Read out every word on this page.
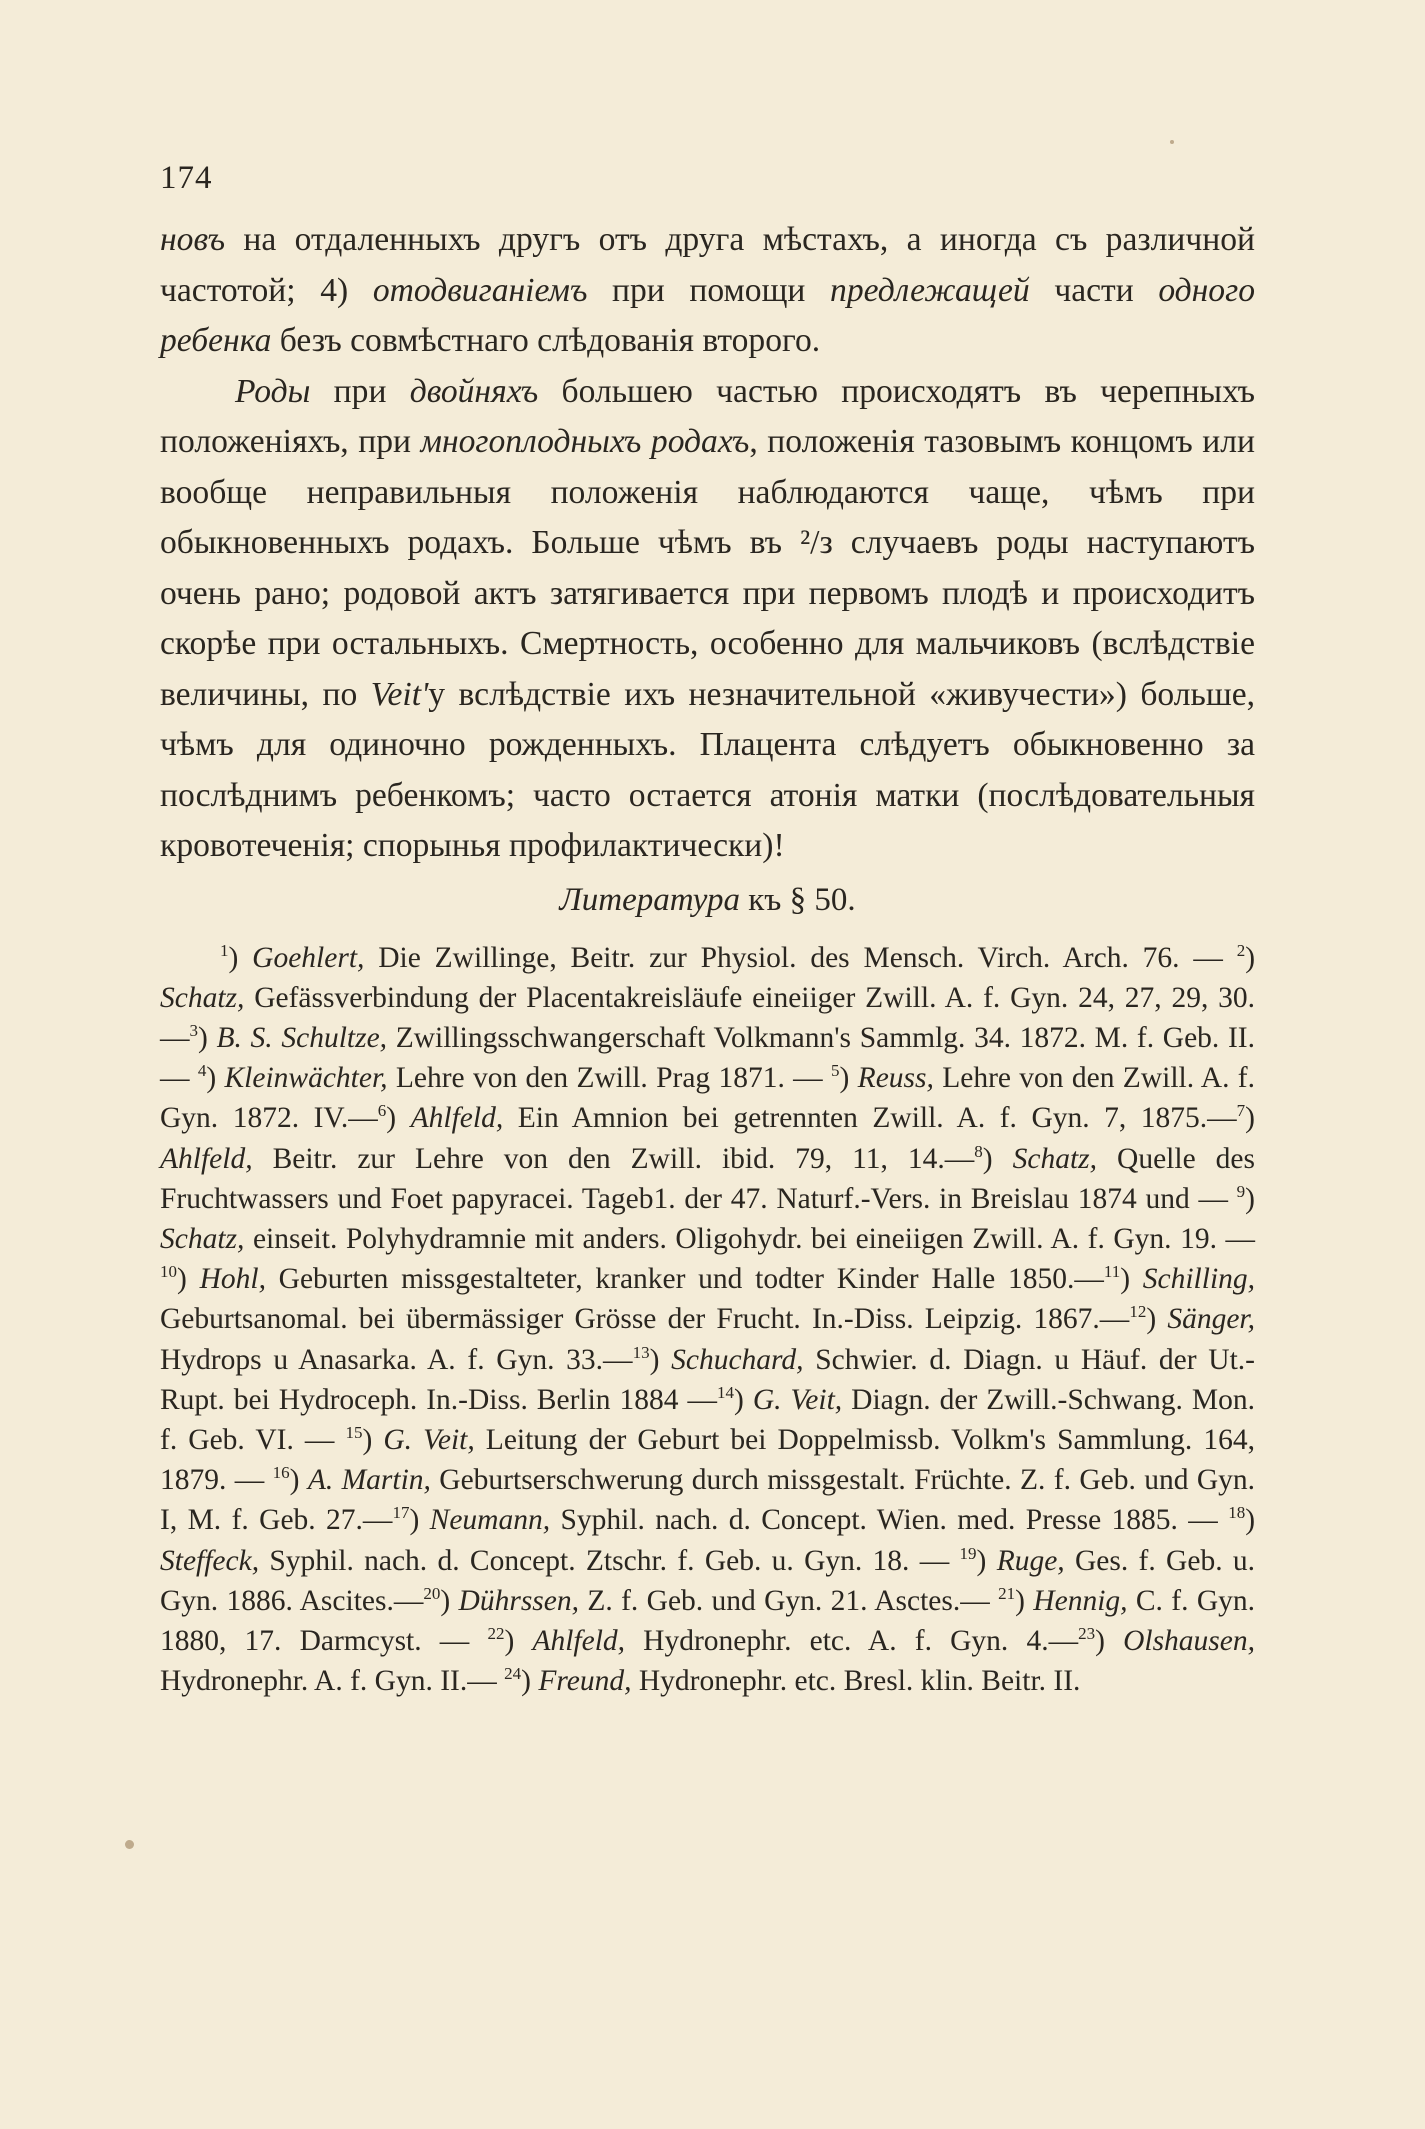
174

новъ на отдаленныхъ другъ отъ друга мѣстахъ, а иногда съ различной частотой; 4) отодвиганіемъ при помощи предлежащей части одного ребенка безъ совмѣстнаго слѣдованія второго.

Роды при двойняхъ большею частью происходятъ въ черепныхъ положеніяхъ, при многоплодныхъ родахъ, положенія тазовымъ концомъ или вообще неправильныя положенія наблюдаются чаще, чѣмъ при обыкновенныхъ родахъ. Больше чѣмъ въ ²/з случаевъ роды наступаютъ очень рано; родовой актъ затягивается при первомъ плодѣ и происходитъ скорѣе при остальныхъ. Смертность, особенно для мальчиковъ (вслѣдствіе величины, по Veit'у вслѣдствіе ихъ незначительной «живучести») больше, чѣмъ для одиночно рожденныхъ. Плацента слѣдуетъ обыкновенно за послѣднимъ ребенкомъ; часто остается атонія матки (послѣдовательныя кровотеченія; спорынья профилактически)!

Литература къ § 50.
$^1$) Goehlert, Die Zwillinge, Beitr. zur Physiol. des Mensch. Virch. Arch. 76. — $^2$) Schatz, Gefässverbindung der Placentakreisläufe eineiiger Zwill. A. f. Gyn. 24, 27, 29, 30.—$^3$) B. S. Schultze, Zwillingsschwangerschaft Volkmann's Sammlg. 34. 1872. M. f. Geb. II. — $^4$) Kleinwächter, Lehre von den Zwill. Prag 1871. — $^5$) Reuss, Lehre von den Zwill. A. f. Gyn. 1872. IV.—$^6$) Ahlfeld, Ein Amnion bei getrennten Zwill. A. f. Gyn. 7, 1875.—$^7$) Ahlfeld, Beitr. zur Lehre von den Zwill. ibid. 79, 11, 14.—$^8$) Schatz, Quelle des Fruchtwassers und Foet papyracei. Tageb1. der 47. Naturf.-Vers. in Breislau 1874 und — $^9$) Schatz, einseit. Polyhydramnie mit anders. Oligohydr. bei eineiigen Zwill. A. f. Gyn. 19. — $^{10}$) Hohl, Geburten missgestalteter, kranker und todter Kinder Halle 1850.—$^{11}$) Schilling, Geburtsanomal. bei übermässiger Grösse der Frucht. In.-Diss. Leipzig. 1867.—$^{12}$) Sänger, Hydrops u Anasarka. A. f. Gyn. 33.—$^{13}$) Schuchard, Schwier. d. Diagn. u Häuf. der Ut.-Rupt. bei Hydroceph. In.-Diss. Berlin 1884 —$^{14}$) G. Veit, Diagn. der Zwill.-Schwang. Mon. f. Geb. VI. — $^{15}$) G. Veit, Leitung der Geburt bei Doppelmissb. Volkm's Sammlung. 164, 1879. — $^{16}$) A. Martin, Geburtserschwerung durch missgestalt. Früchte. Z. f. Geb. und Gyn. I, M. f. Geb. 27.—$^{17}$) Neumann, Syphil. nach. d. Concept. Wien. med. Presse 1885. — $^{18}$) Steffeck, Syphil. nach. d. Concept. Ztschr. f. Geb. u. Gyn. 18. — $^{19}$) Ruge, Ges. f. Geb. u. Gyn. 1886. Ascites.—$^{20}$) Dührssen, Z. f. Geb. und Gyn. 21. Asctes.— $^{21}$) Hennig, C. f. Gyn. 1880, 17. Darmcyst. — $^{22}$) Ahlfeld, Hydronephr. etc. A. f. Gyn. 4.—$^{23}$) Olshausen, Hydronephr. A. f. Gyn. II.— $^{24}$) Freund, Hydronephr. etc. Bresl. klin. Beitr. II.
